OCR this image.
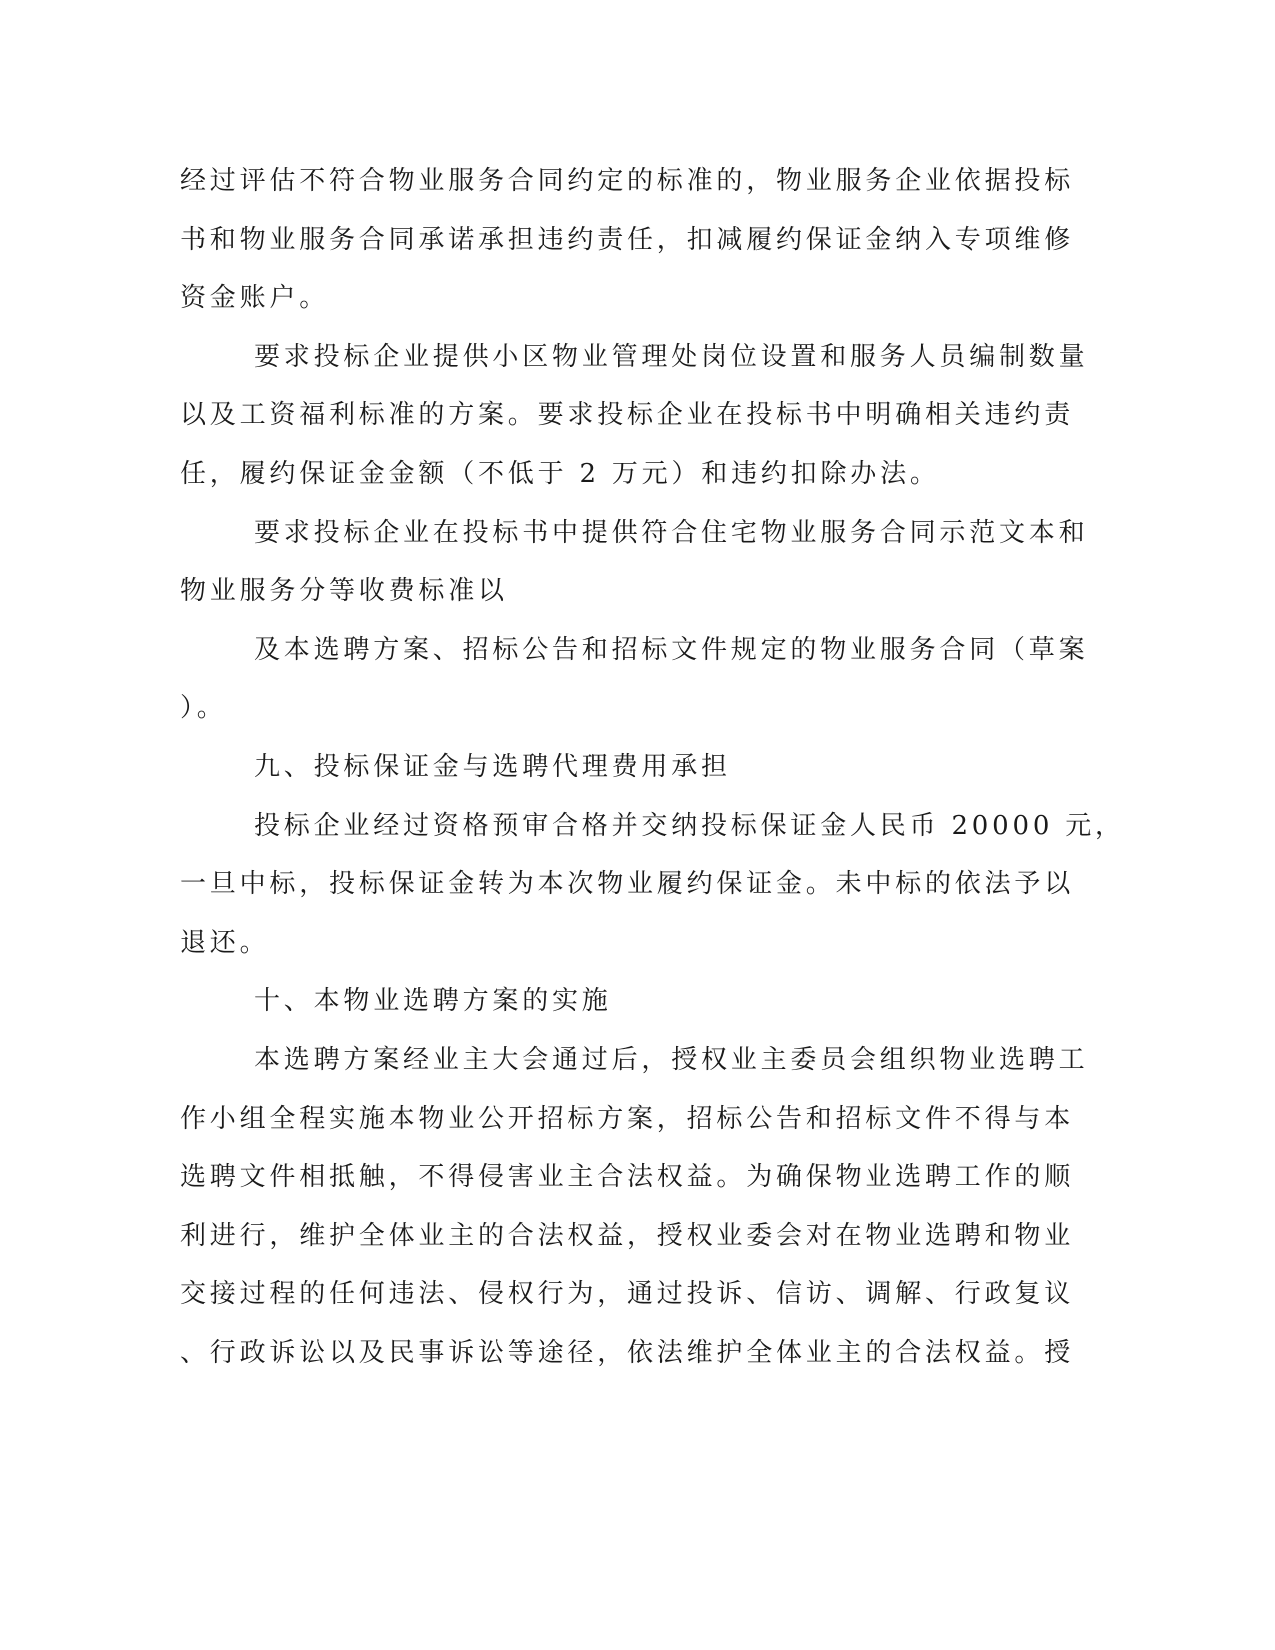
经过评估不符合物业服务合同约定的标准的，物业服务企业依据投标
书和物业服务合同承诺承担违约责任，扣减履约保证金纳入专项维修
资金账户。
要求投标企业提供小区物业管理处岗位设置和服务人员编制数量
以及工资福利标准的方案。要求投标企业在投标书中明确相关违约责
任，履约保证金金额（不低于 2 万元）和违约扣除办法。
要求投标企业在投标书中提供符合住宅物业服务合同示范文本和
物业服务分等收费标准以
及本选聘方案、招标公告和招标文件规定的物业服务合同（草案
）。
九、投标保证金与选聘代理费用承担
投标企业经过资格预审合格并交纳投标保证金人民币 20000 元，
一旦中标，投标保证金转为本次物业履约保证金。未中标的依法予以
退还。
十、本物业选聘方案的实施
本选聘方案经业主大会通过后，授权业主委员会组织物业选聘工
作小组全程实施本物业公开招标方案，招标公告和招标文件不得与本
选聘文件相抵触，不得侵害业主合法权益。为确保物业选聘工作的顺
利进行，维护全体业主的合法权益，授权业委会对在物业选聘和物业
交接过程的任何违法、侵权行为，通过投诉、信访、调解、行政复议
、行政诉讼以及民事诉讼等途径，依法维护全体业主的合法权益。授
